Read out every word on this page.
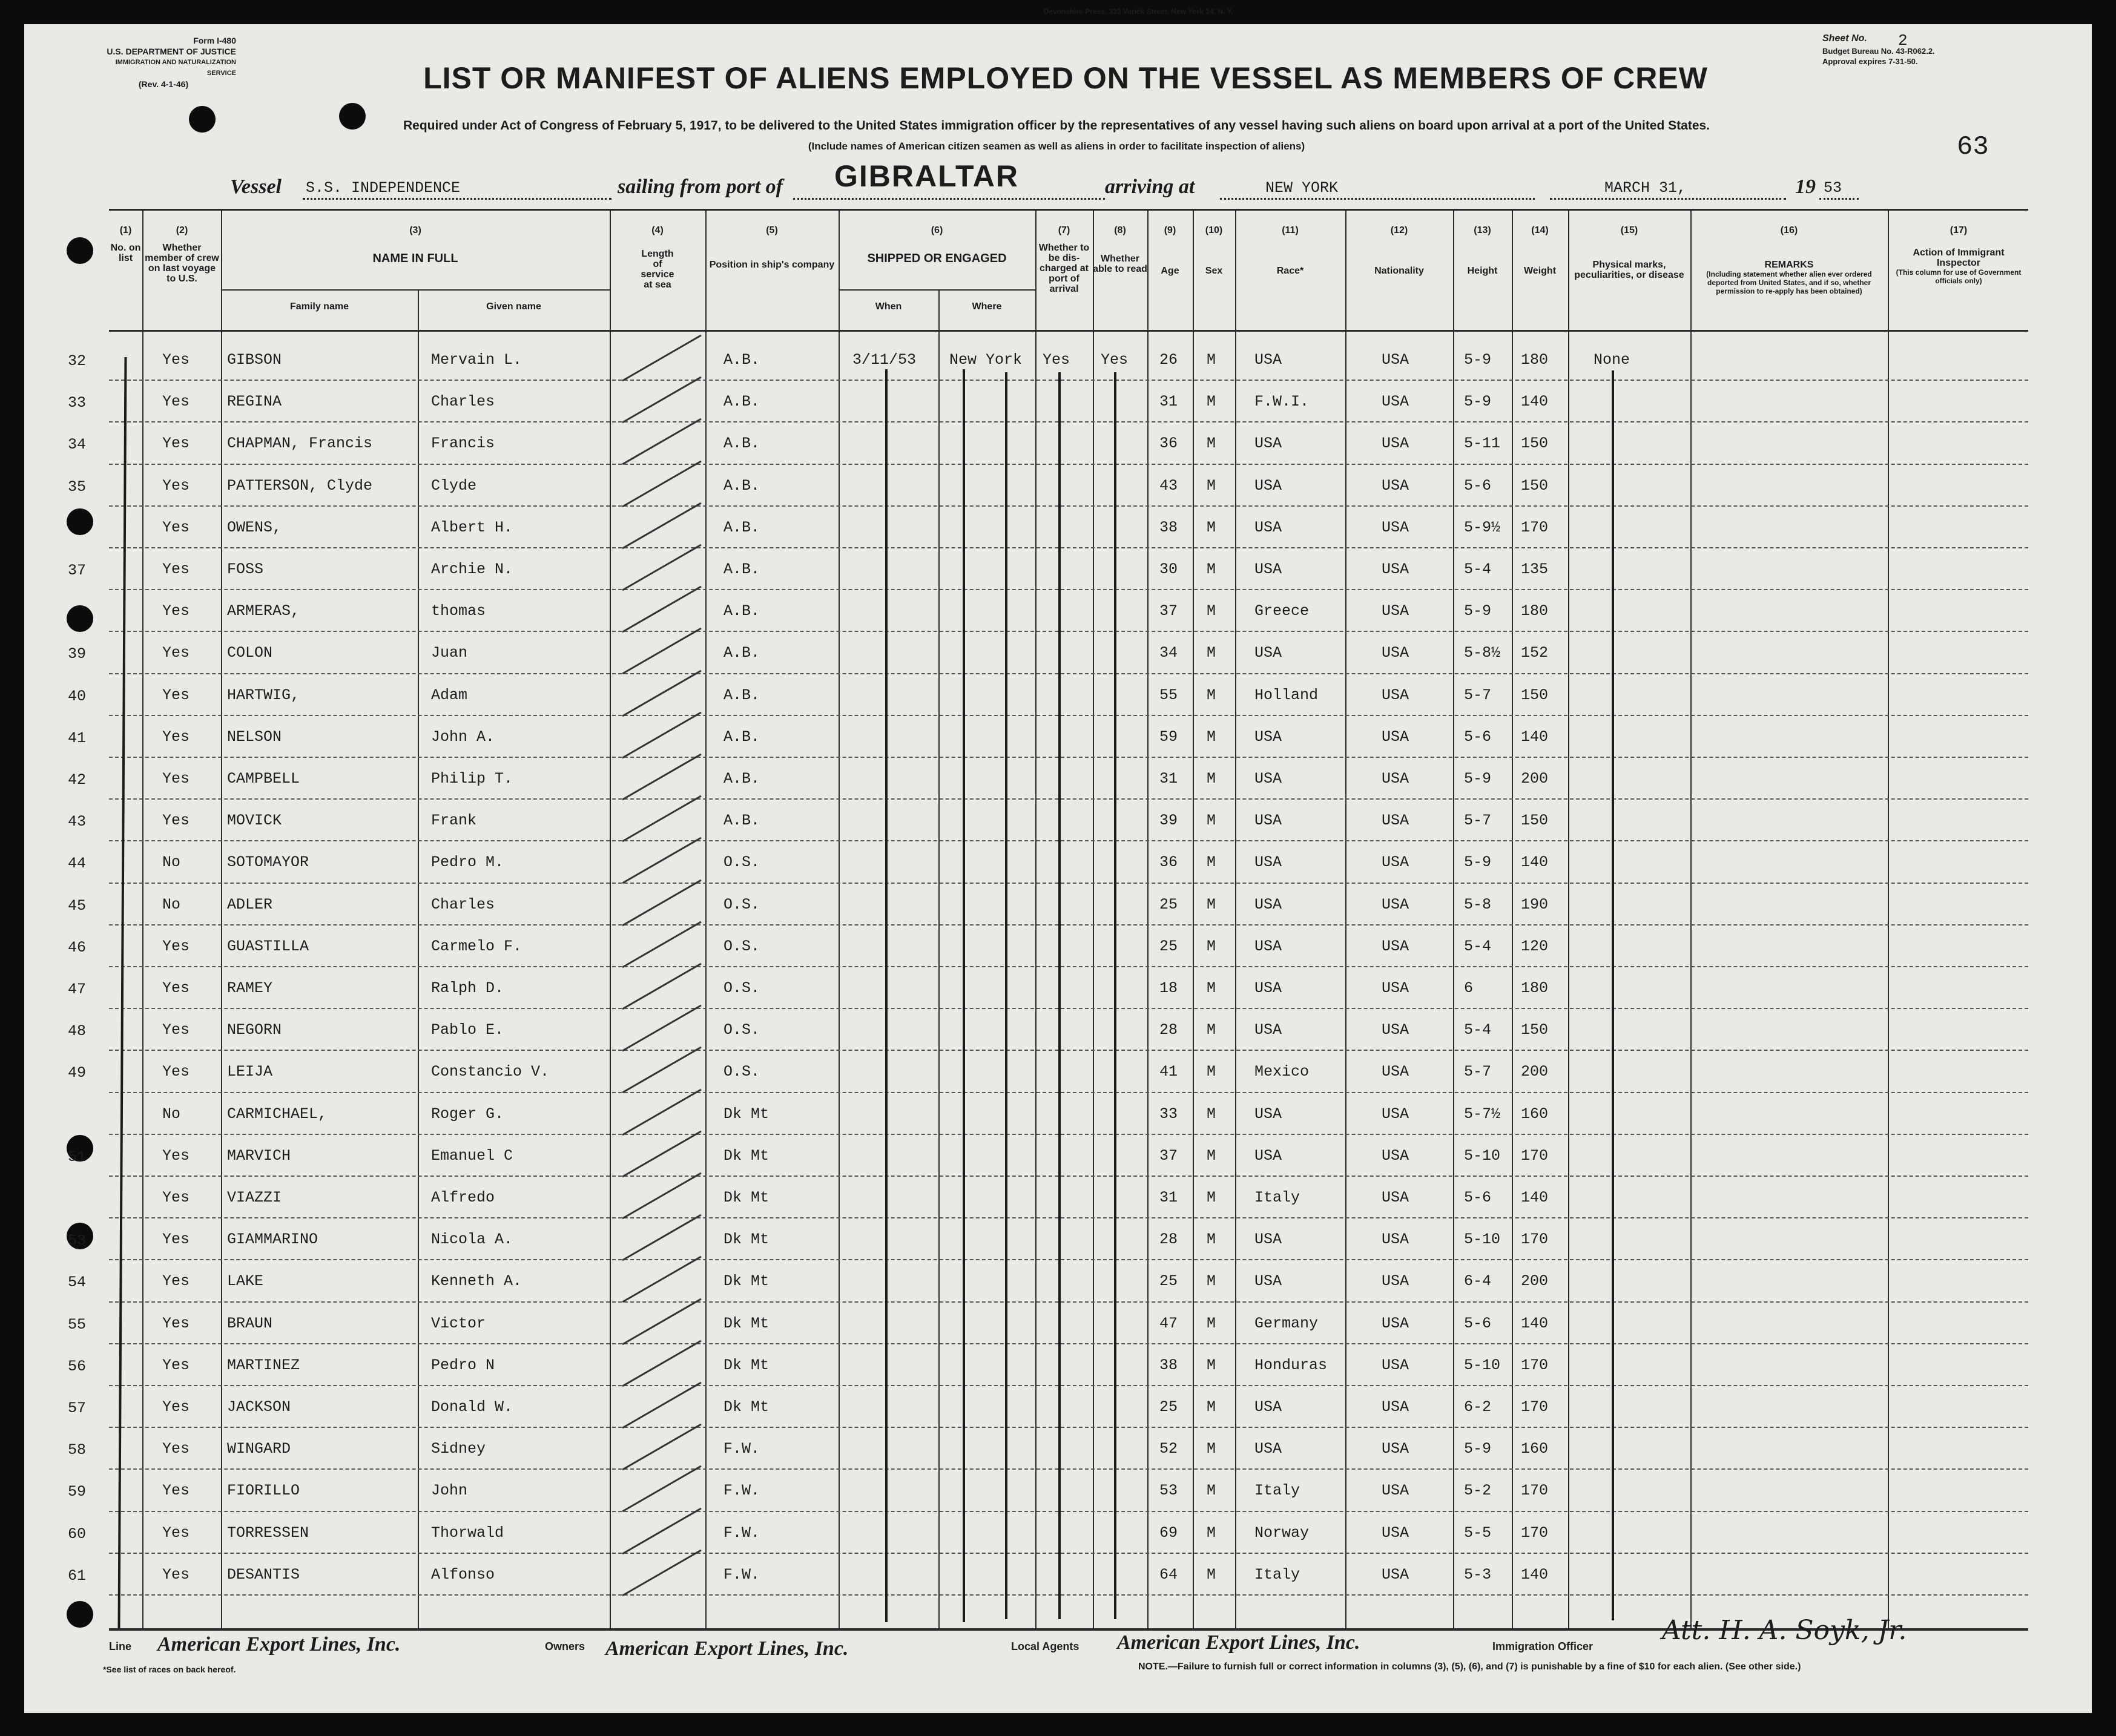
Form I-480
U.S. DEPARTMENT OF JUSTICE
IMMIGRATION AND NATURALIZATION SERVICE
(Rev. 4-1-46)
Devonshire Press, 333 Varick Street, New York 14, N. Y.
LIST OR MANIFEST OF ALIENS EMPLOYED ON THE VESSEL AS MEMBERS OF CREW
Required under Act of Congress of February 5, 1917, to be delivered to the United States immigration officer by the representatives of any vessel having such aliens on board upon arrival at a port of the United States.
(Include names of American citizen seamen as well as aliens in order to facilitate inspection of aliens)
Sheet No.
Budget Bureau No. 43-R062.2.
Approval expires 7-31-50.
2
63
Vessel S.S. INDEPENDENCE	sailing from port of GIBRALTAR	arriving at	NEW YORK	MARCH 31,	19 53
(1)
No. on list
(2)
Whether member of crew on last voyage to U.S.
(3)
NAME IN FULL
Family name	Given name
(4)
Length of service at sea
(5)
Position in ship's company
(6)
SHIPPED OR ENGAGED
When	Where
(7)
Whether to be dis-charged at port of arrival
(8)
Whether able to read
(9)
Age
(10)
Sex
(11)
Race*
(12)
Nationality
(13)
Height
(14)
Weight
(15)
Physical marks, peculiarities, or disease
(16)
REMARKS
(Including statement whether alien ever ordered deported from United States, and if so, whether permission to re-apply has been obtained)
(17)
Action of Immigrant Inspector
(This column for use of Government officials only)
32	Yes GIBSON	Mervain L.	A.B.	3/11/53 New York Yes Yes 26 M	USA	USA	5-9 180	None
33	Yes REGINA	Charles	A.B.	31 M	F.W.I.	USA	5-9 140
34	Yes CHAPMAN, Francis	Francis	A.B.	36 M	USA	USA	5-11 150
35	Yes PATTERSON, Clyde	Clyde	A.B.	43 M	USA	USA	5-6 150
Yes OWENS,	Albert H.	A.B.	38 M	USA	USA	5-9½ 170
37	Yes FOSS	Archie N.	A.B.	30 M	USA	USA	5-4 135
Yes ARMERAS,	thomas	A.B.	37 M	Greece	USA	5-9 180
39	Yes COLON	Juan	A.B.	34 M	USA	USA	5-8½ 152
40	Yes HARTWIG,	Adam	A.B.	55 M	Holland	USA	5-7 150
41	Yes NELSON	John A.	A.B.	59 M	USA	USA	5-6 140
42	Yes CAMPBELL	Philip T.	A.B.	31 M	USA	USA	5-9 200
43	Yes MOVICK	Frank	A.B.	39 M	USA	USA	5-7 150
44	No	SOTOMAYOR	Pedro M.	O.S.	36 M	USA	USA	5-9 140
45	No	ADLER	Charles	O.S.	25 M	USA	USA	5-8 190
46	Yes GUASTILLA	Carmelo F.	O.S.	25 M	USA	USA	5-4 120
47	Yes RAMEY	Ralph D.	O.S.	18 M	USA	USA	6	180
48	Yes NEGORN	Pablo E.	O.S.	28 M	USA	USA	5-4 150
49	Yes LEIJA	Constancio V.	O.S.	41 M	Mexico	USA	5-7 200
No	CARMICHAEL,	Roger G.	Dk Mt	33 M	USA	USA	5-7½ 160
51	Yes MARVICH	Emanuel C	Dk Mt	37 M	USA	USA	5-10 170
Yes VIAZZI	Alfredo	Dk Mt	31 M	Italy	USA	5-6 140
53	Yes GIAMMARINO	Nicola A.	Dk Mt	28 M	USA	USA	5-10 170
54	Yes LAKE	Kenneth A.	Dk Mt	25 M	USA	USA	6-4 200
55	Yes BRAUN	Victor	Dk Mt	47 M	Germany	USA	5-6 140
56	Yes MARTINEZ	Pedro N	Dk Mt	38 M	Honduras	USA	5-10 170
57	Yes JACKSON	Donald W.	Dk Mt	25 M	USA	USA	6-2 170
58	Yes WINGARD	Sidney	F.W.	52 M	USA	USA	5-9 160
59	Yes FIORILLO	John	F.W.	53 M	Italy	USA	5-2 170
60	Yes TORRESSEN	Thorwald	F.W.	69 M	Norway	USA	5-5 170
61	Yes DESANTIS	Alfonso	F.W.	64 M	Italy	USA	5-3 140
Line American Export Lines, Inc.
*See list of races on back hereof.
Owners American Export Lines, Inc.	Local Agents American Export Lines, Inc.	Immigration Officer
Att. H. A. Soyk, Jr.
NOTE.—Failure to furnish full or correct information in columns (3), (5), (6), and (7) is punishable by a fine of $10 for each alien. (See other side.)
